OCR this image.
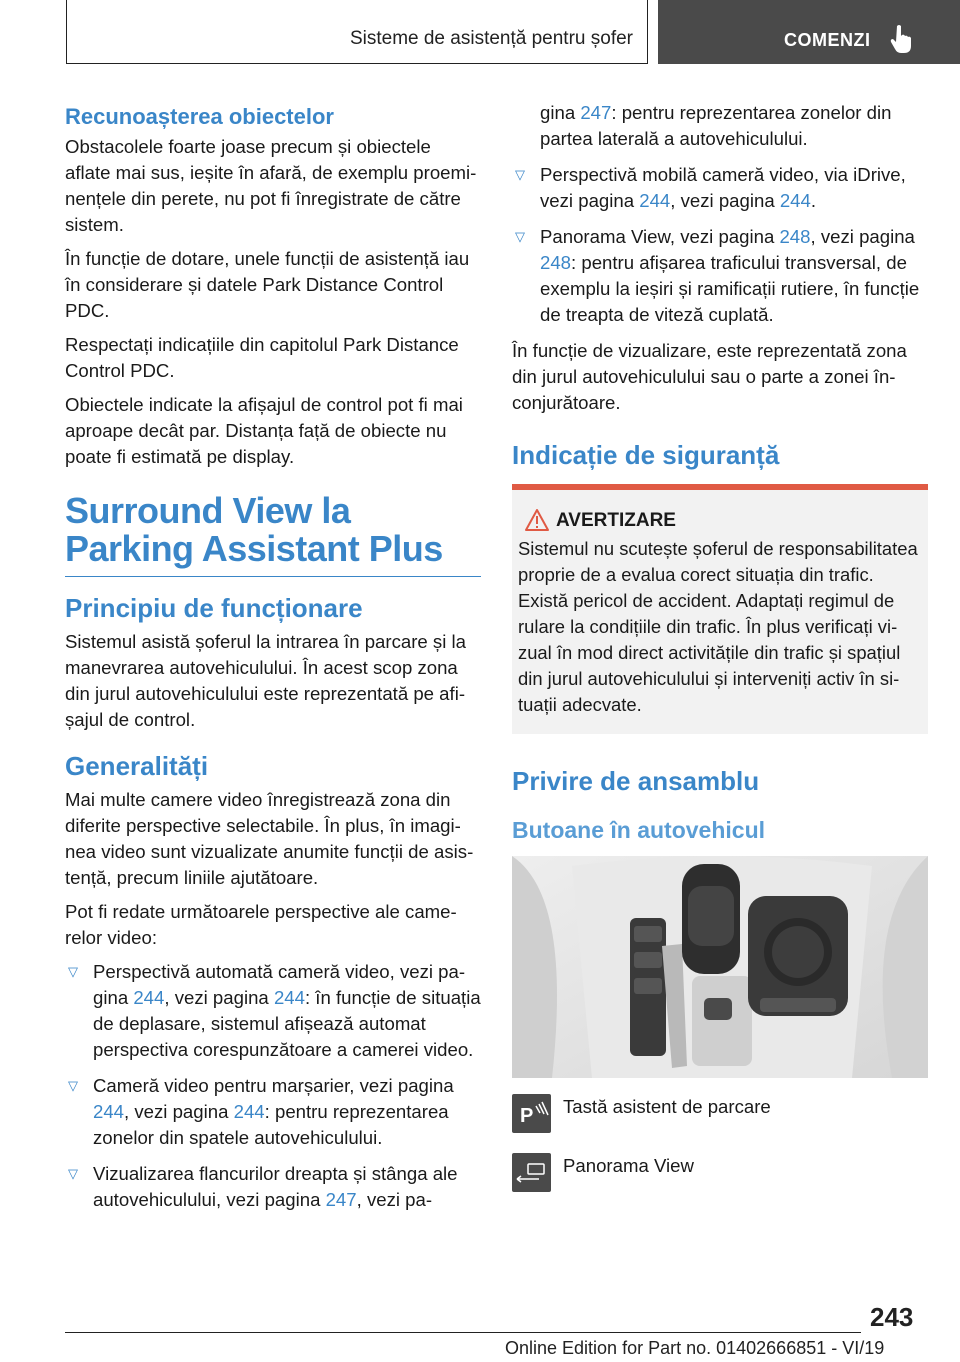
Sisteme de asistență pentru șofer	COMENZI

Recunoașterea obiectelor

Obstacolele foarte joase precum și obiectele aflate mai sus, ieșite în afară, de exemplu proeminențele din perete, nu pot fi înregistrate de către sistem.

În funcție de dotare, unele funcții de asistență iau în considerare și datele Park Distance Control PDC.

Respectați indicațiile din capitolul Park Distance Control PDC.

Obiectele indicate la afișajul de control pot fi mai aproape decât par. Distanța față de obiecte nu poate fi estimată pe display.

Surround View la Parking Assistant Plus

Principiu de funcționare

Sistemul asistă șoferul la intrarea în parcare și la manevrarea autovehiculului. În acest scop zona din jurul autovehiculului este reprezentată pe afișajul de control.

Generalități

Mai multe camere video înregistrează zona din diferite perspective selectabile. În plus, în imaginea video sunt vizualizate anumite funcții de asistență, precum liniile ajutătoare.

Pot fi redate următoarele perspective ale camerelor video:

▽ Perspectivă automată cameră video, vezi pagina 244, vezi pagina 244: în funcție de situația de deplasare, sistemul afișează automat perspectiva corespunzătoare a camerei video.
▽ Cameră video pentru marșarier, vezi pagina 244, vezi pagina 244: pentru reprezentarea zonelor din spatele autovehiculului.
▽ Vizualizarea flancurilor dreapta și stânga ale autovehiculului, vezi pagina 247, vezi pa-
gina 247: pentru reprezentarea zonelor din partea laterală a autovehiculului.
▽ Perspectivă mobilă cameră video, via iDrive, vezi pagina 244, vezi pagina 244.
▽ Panorama View, vezi pagina 248, vezi pagina 248: pentru afișarea traficului transversal, de exemplu la ieșiri și ramificații rutiere, în funcție de treapta de viteză cuplată.

În funcție de vizualizare, este reprezentată zona din jurul autovehiculului sau o parte a zonei înconjurătoare.

Indicație de siguranță

AVERTIZARE

Sistemul nu scutește șoferul de responsabilitatea proprie de a evalua corect situația din trafic. Există pericol de accident. Adaptați regimul de rulare la condițiile din trafic. În plus verificați vizual în mod direct activitățile din trafic și spațiul din jurul autovehiculului și interveniți activ în situații adecvate.

Privire de ansamblu

Butoane în autovehicul

P Tastă asistent de parcare
Panorama View
243
Online Edition for Part no. 01402666851 - VI/19
